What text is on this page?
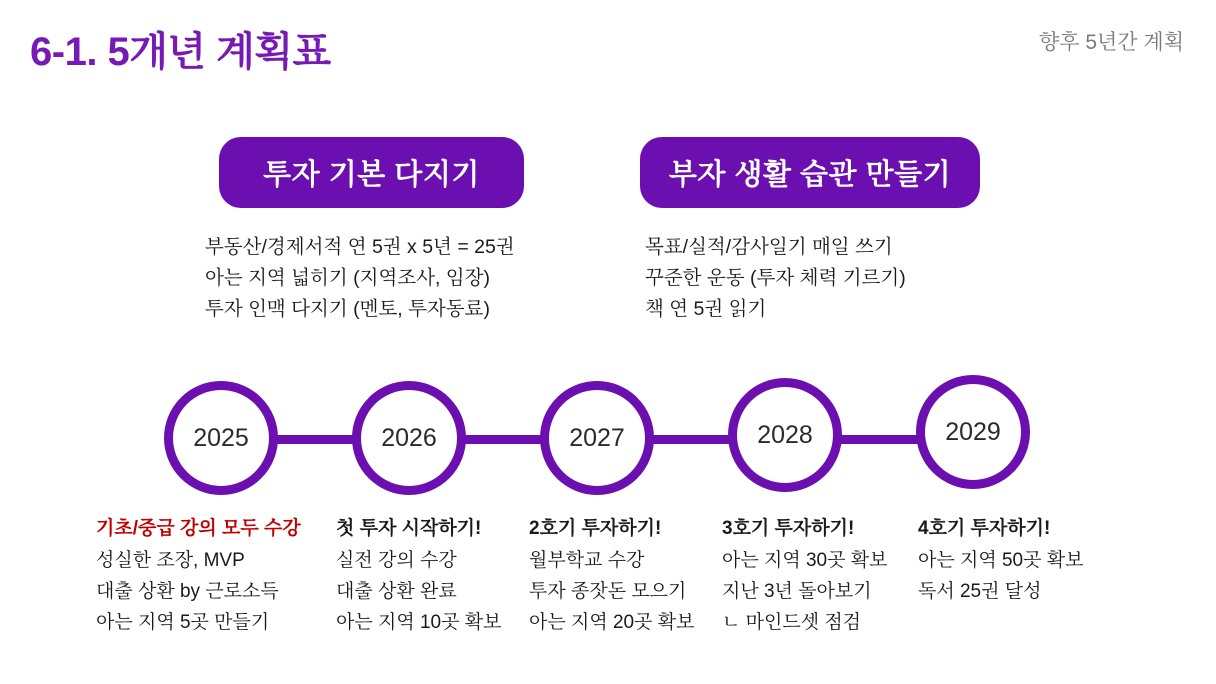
6-1. 5개년 계획표	향후 5년간 계획
투자 기본 다지기	부자 생활 습관 만들기
부동산/경제서적 연 5권 x 5년 = 25권
아는 지역 넓히기 (지역조사, 임장)
투자 인맥 다지기 (멘토, 투자동료)
목표/실적/감사일기 매일 쓰기
꾸준한 운동 (투자 체력 기르기)
책 연 5권 읽기
2025	2026	2027	2028	2029
기초/중급 강의 모두 수강
성실한 조장, MVP
대출 상환 by 근로소득
아는 지역 5곳 만들기
첫 투자 시작하기!
실전 강의 수강
대출 상환 완료
아는 지역 10곳 확보
2호기 투자하기!
월부학교 수강
투자 종잣돈 모으기
아는 지역 20곳 확보
3호기 투자하기!
아는 지역 30곳 확보
지난 3년 돌아보기
ㄴ 마인드셋 점검
4호기 투자하기!
아는 지역 50곳 확보
독서 25권 달성
